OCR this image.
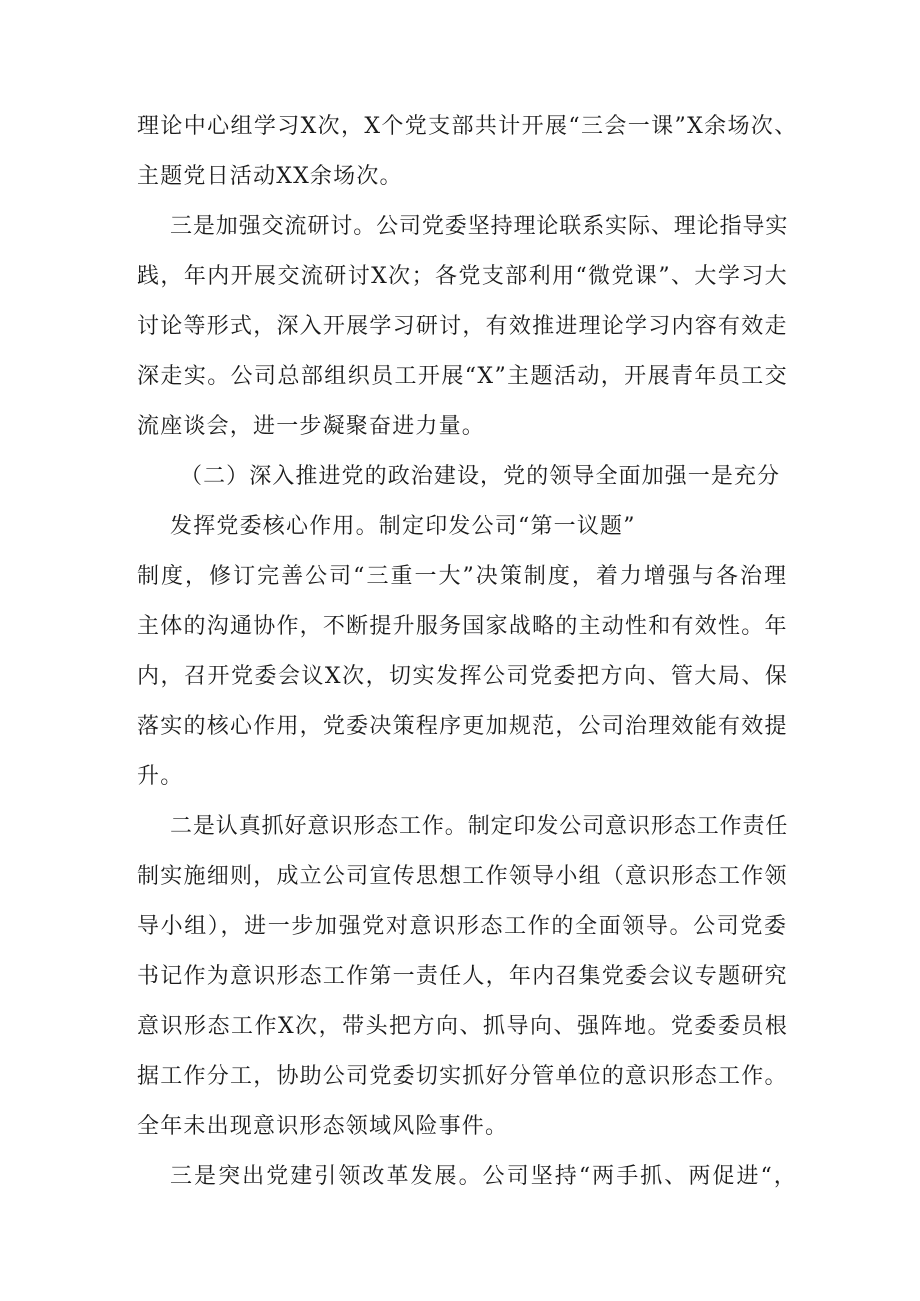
理论中心组学习X次，X个党支部共计开展“三会一课”X余场次、
主题党日活动XX余场次。
三是加强交流研讨。公司党委坚持理论联系实际、理论指导实
践，年内开展交流研讨X次；各党支部利用“微党课”、大学习大
讨论等形式，深入开展学习研讨，有效推进理论学习内容有效走
深走实。公司总部组织员工开展“X”主题活动，开展青年员工交
流座谈会，进一步凝聚奋进力量。
（二）深入推进党的政治建设，党的领导全面加强一是充分
发挥党委核心作用。制定印发公司“第一议题”
制度，修订完善公司“三重一大”决策制度，着力增强与各治理
主体的沟通协作，不断提升服务国家战略的主动性和有效性。年
内，召开党委会议X次，切实发挥公司党委把方向、管大局、保
落实的核心作用，党委决策程序更加规范，公司治理效能有效提
升。
二是认真抓好意识形态工作。制定印发公司意识形态工作责任
制实施细则，成立公司宣传思想工作领导小组（意识形态工作领
导小组），进一步加强党对意识形态工作的全面领导。公司党委
书记作为意识形态工作第一责任人，年内召集党委会议专题研究
意识形态工作X次，带头把方向、抓导向、强阵地。党委委员根
据工作分工，协助公司党委切实抓好分管单位的意识形态工作。
全年未出现意识形态领域风险事件。
三是突出党建引领改革发展。公司坚持“两手抓、两促进“，
